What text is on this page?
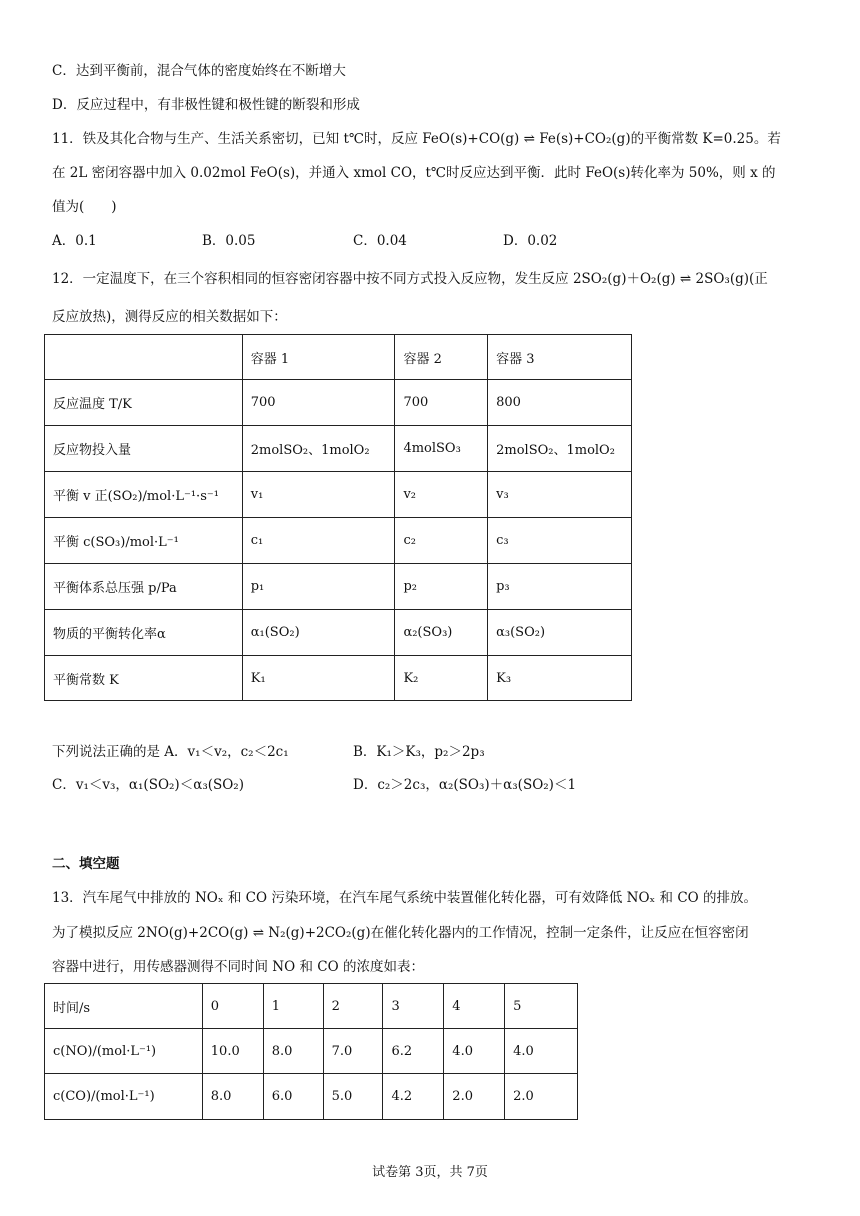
C．达到平衡前，混合气体的密度始终在不断增大
D．反应过程中，有非极性键和极性键的断裂和形成
11．铁及其化合物与生产、生活关系密切，已知 t℃时，反应 FeO(s)+CO(g) ⇌ Fe(s)+CO₂(g)的平衡常数 K=0.25。若
在 2L 密闭容器中加入 0.02mol FeO(s)，并通入 xmol CO，t℃时反应达到平衡．此时 FeO(s)转化率为 50%，则 x 的
值为(　　)
A．0.1	B．0.05	C．0.04	D．0.02
12．一定温度下，在三个容积相同的恒容密闭容器中按不同方式投入反应物，发生反应 2SO₂(g)＋O₂(g) ⇌ 2SO₃(g)(正
反应放热)，测得反应的相关数据如下：
	容器 1	容器 2	容器 3
反应温度 T/K	700	700	800
反应物投入量	2molSO₂、1molO₂	4molSO₃	2molSO₂、1molO₂
平衡 v 正(SO₂)/mol·L⁻¹·s⁻¹	v₁	v₂	v₃
平衡 c(SO₃)/mol·L⁻¹	c₁	c₂	c₃
平衡体系总压强 p/Pa	p₁	p₂	p₃
物质的平衡转化率α	α₁(SO₂)	α₂(SO₃)	α₃(SO₂)
平衡常数 K	K₁	K₂	K₃
下列说法正确的是 A．v₁＜v₂，c₂＜2c₁	B．K₁＞K₃，p₂＞2p₃
C．v₁＜v₃，α₁(SO₂)＜α₃(SO₂)	D．c₂＞2c₃，α₂(SO₃)＋α₃(SO₂)＜1
二、填空题
13．汽车尾气中排放的 NOₓ 和 CO 污染环境，在汽车尾气系统中装置催化转化器，可有效降低 NOₓ 和 CO 的排放。
为了模拟反应 2NO(g)+2CO(g) ⇌ N₂(g)+2CO₂(g)在催化转化器内的工作情况，控制一定条件，让反应在恒容密闭
容器中进行，用传感器测得不同时间 NO 和 CO 的浓度如表：
时间/s	0	1	2	3	4	5
c(NO)/(mol·L⁻¹)	10.0	8.0	7.0	6.2	4.0	4.0
c(CO)/(mol·L⁻¹)	8.0	6.0	5.0	4.2	2.0	2.0
试卷第 3页，共 7页
